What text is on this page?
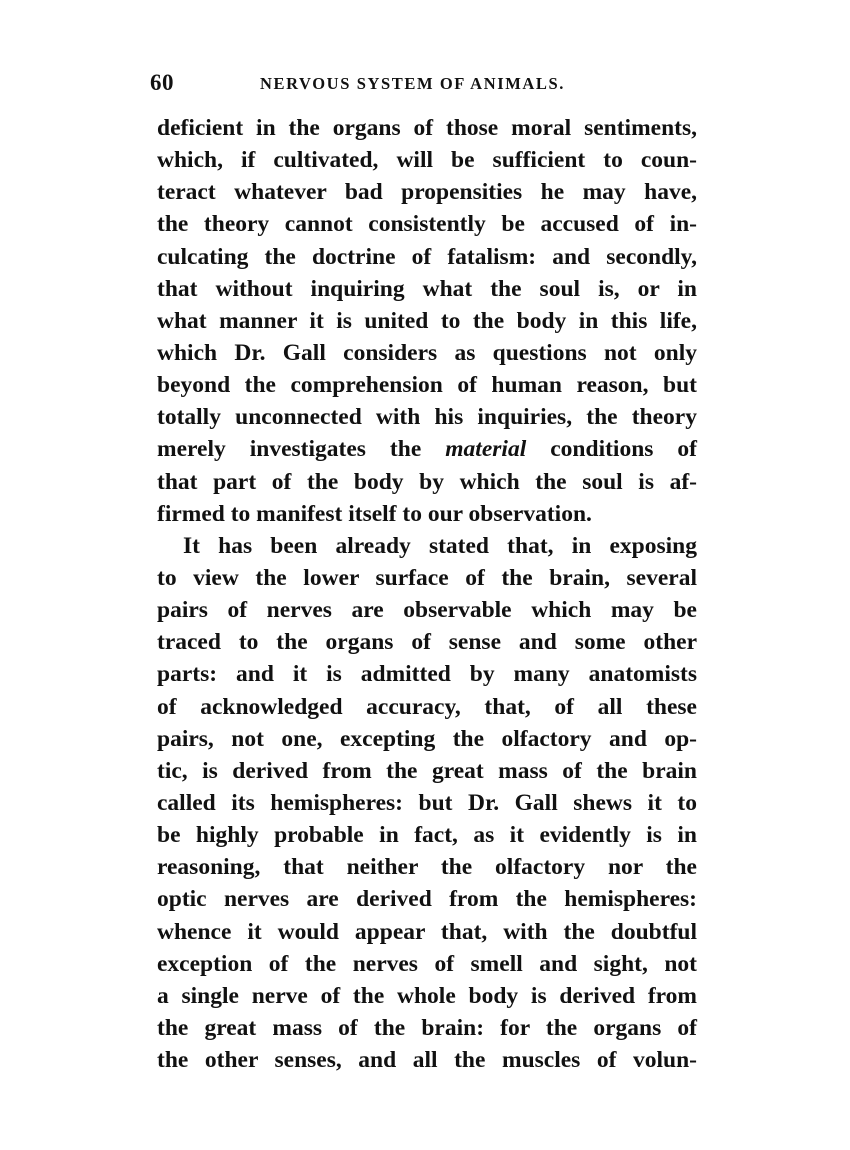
60	NERVOUS SYSTEM OF ANIMALS.
deficient in the organs of those moral sentiments,
which, if cultivated, will be sufficient to coun-
teract whatever bad propensities he may have,
the theory cannot consistently be accused of in-
culcating the doctrine of fatalism: and secondly,
that without inquiring what the soul is, or in
what manner it is united to the body in this life,
which Dr. Gall considers as questions not only
beyond the comprehension of human reason, but
totally unconnected with his inquiries, the theory
merely investigates the material conditions of
that part of the body by which the soul is af-
firmed to manifest itself to our observation.
It has been already stated that, in exposing
to view the lower surface of the brain, several
pairs of nerves are observable which may be
traced to the organs of sense and some other
parts: and it is admitted by many anatomists
of acknowledged accuracy, that, of all these
pairs, not one, excepting the olfactory and op-
tic, is derived from the great mass of the brain
called its hemispheres: but Dr. Gall shews it to
be highly probable in fact, as it evidently is in
reasoning, that neither the olfactory nor the
optic nerves are derived from the hemispheres:
whence it would appear that, with the doubtful
exception of the nerves of smell and sight, not
a single nerve of the whole body is derived from
the great mass of the brain: for the organs of
the other senses, and all the muscles of volun-
